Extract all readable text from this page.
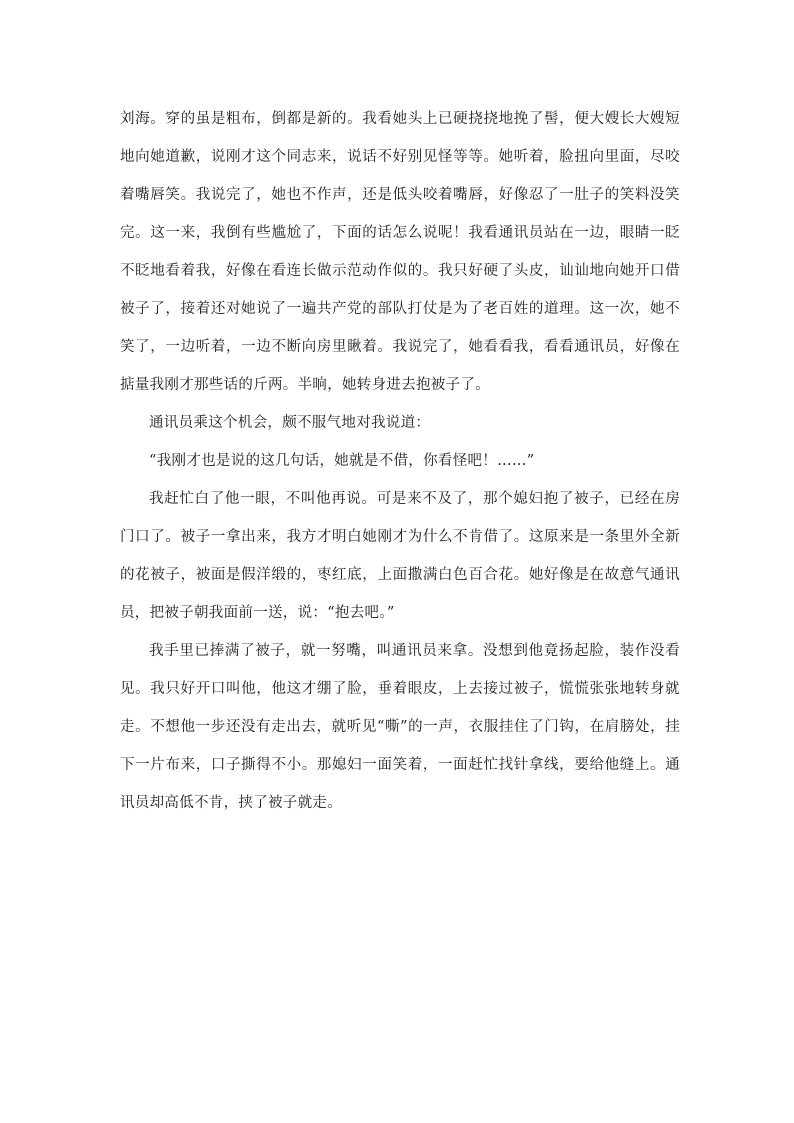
刘海。穿的虽是粗布，倒都是新的。我看她头上已硬挠挠地挽了髻，便大嫂长大嫂短地向她道歉，说刚才这个同志来，说话不好别见怪等等。她听着，脸扭向里面，尽咬着嘴唇笑。我说完了，她也不作声，还是低头咬着嘴唇，好像忍了一肚子的笑料没笑完。这一来，我倒有些尴尬了，下面的话怎么说呢！我看通讯员站在一边，眼睛一眨不眨地看着我，好像在看连长做示范动作似的。我只好硬了头皮，讪讪地向她开口借被子了，接着还对她说了一遍共产党的部队打仗是为了老百姓的道理。这一次，她不笑了，一边听着，一边不断向房里瞅着。我说完了，她看看我，看看通讯员，好像在掂量我刚才那些话的斤两。半晌，她转身进去抱被子了。

通讯员乘这个机会，颇不服气地对我说道：

“我刚才也是说的这几句话，她就是不借，你看怪吧！……”

我赶忙白了他一眼，不叫他再说。可是来不及了，那个媳妇抱了被子，已经在房门口了。被子一拿出来，我方才明白她刚才为什么不肯借了。这原来是一条里外全新的花被子，被面是假洋缎的，枣红底，上面撒满白色百合花。她好像是在故意气通讯员，把被子朝我面前一送，说：“抱去吧。”

我手里已捧满了被子，就一努嘴，叫通讯员来拿。没想到他竟扬起脸，装作没看见。我只好开口叫他，他这才绷了脸，垂着眼皮，上去接过被子，慌慌张张地转身就走。不想他一步还没有走出去，就听见“嘶”的一声，衣服挂住了门钩，在肩膀处，挂下一片布来，口子撕得不小。那媳妇一面笑着，一面赶忙找针拿线，要给他缝上。通讯员却高低不肯，挟了被子就走。
